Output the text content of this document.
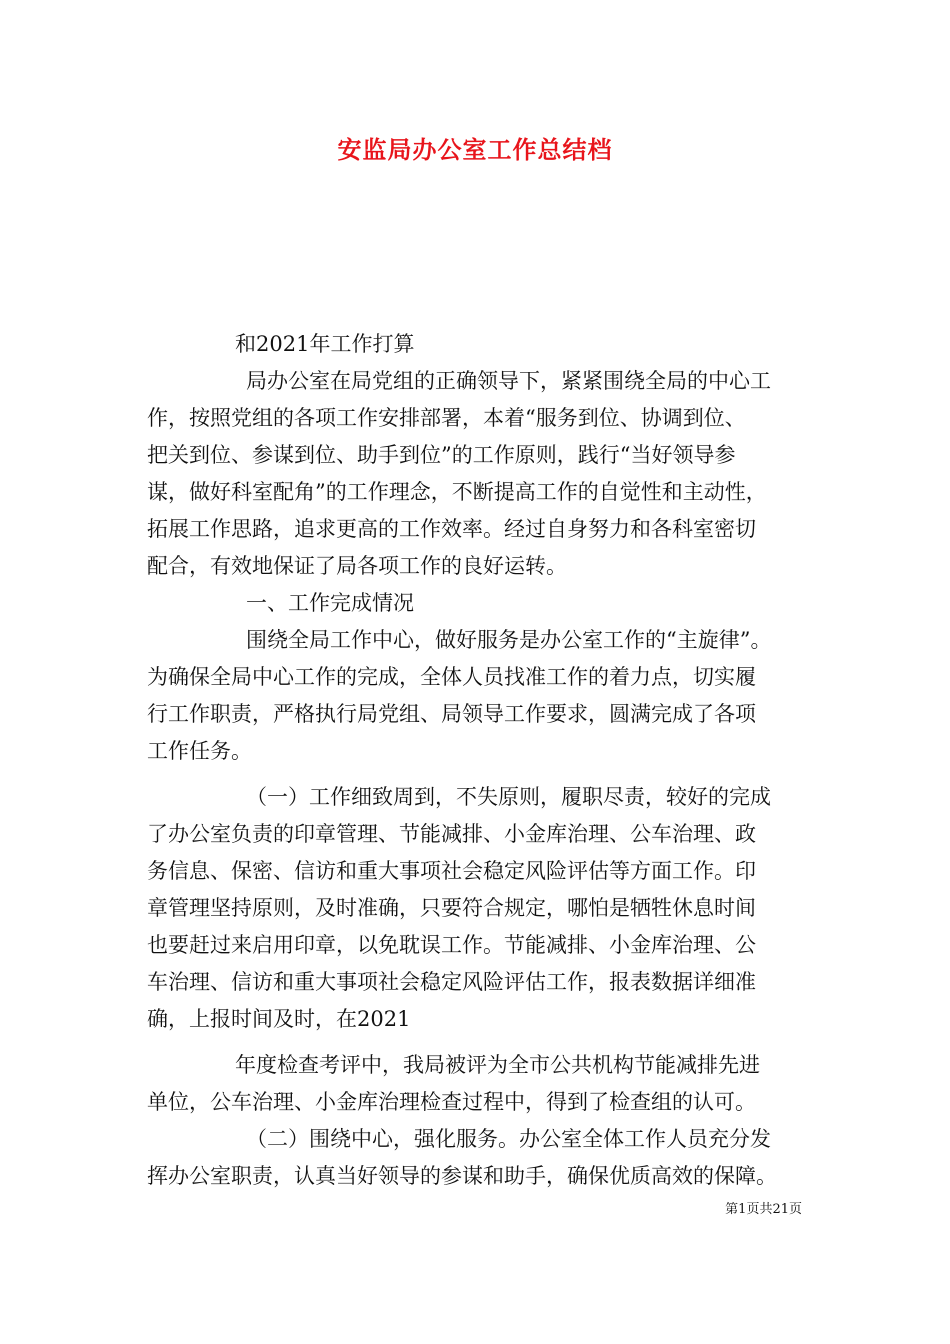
安监局办公室工作总结档
和2021年工作打算
局办公室在局党组的正确领导下，紧紧围绕全局的中心工
作，按照党组的各项工作安排部署，本着“服务到位、协调到位、
把关到位、参谋到位、助手到位”的工作原则，践行“当好领导参
谋，做好科室配角”的工作理念，不断提高工作的自觉性和主动性，
拓展工作思路，追求更高的工作效率。经过自身努力和各科室密切
配合，有效地保证了局各项工作的良好运转。
一、工作完成情况
围绕全局工作中心，做好服务是办公室工作的“主旋律”。
为确保全局中心工作的完成，全体人员找准工作的着力点，切实履
行工作职责，严格执行局党组、局领导工作要求，圆满完成了各项
工作任务。
（一）工作细致周到，不失原则，履职尽责，较好的完成
了办公室负责的印章管理、节能减排、小金库治理、公车治理、政
务信息、保密、信访和重大事项社会稳定风险评估等方面工作。印
章管理坚持原则，及时准确，只要符合规定，哪怕是牺牲休息时间
也要赶过来启用印章，以免耽误工作。节能减排、小金库治理、公
车治理、信访和重大事项社会稳定风险评估工作，报表数据详细准
确，上报时间及时，在2021
年度检查考评中，我局被评为全市公共机构节能减排先进
单位，公车治理、小金库治理检查过程中，得到了检查组的认可。
（二）围绕中心，强化服务。办公室全体工作人员充分发
挥办公室职责，认真当好领导的参谋和助手，确保优质高效的保障。
第1页共21页
